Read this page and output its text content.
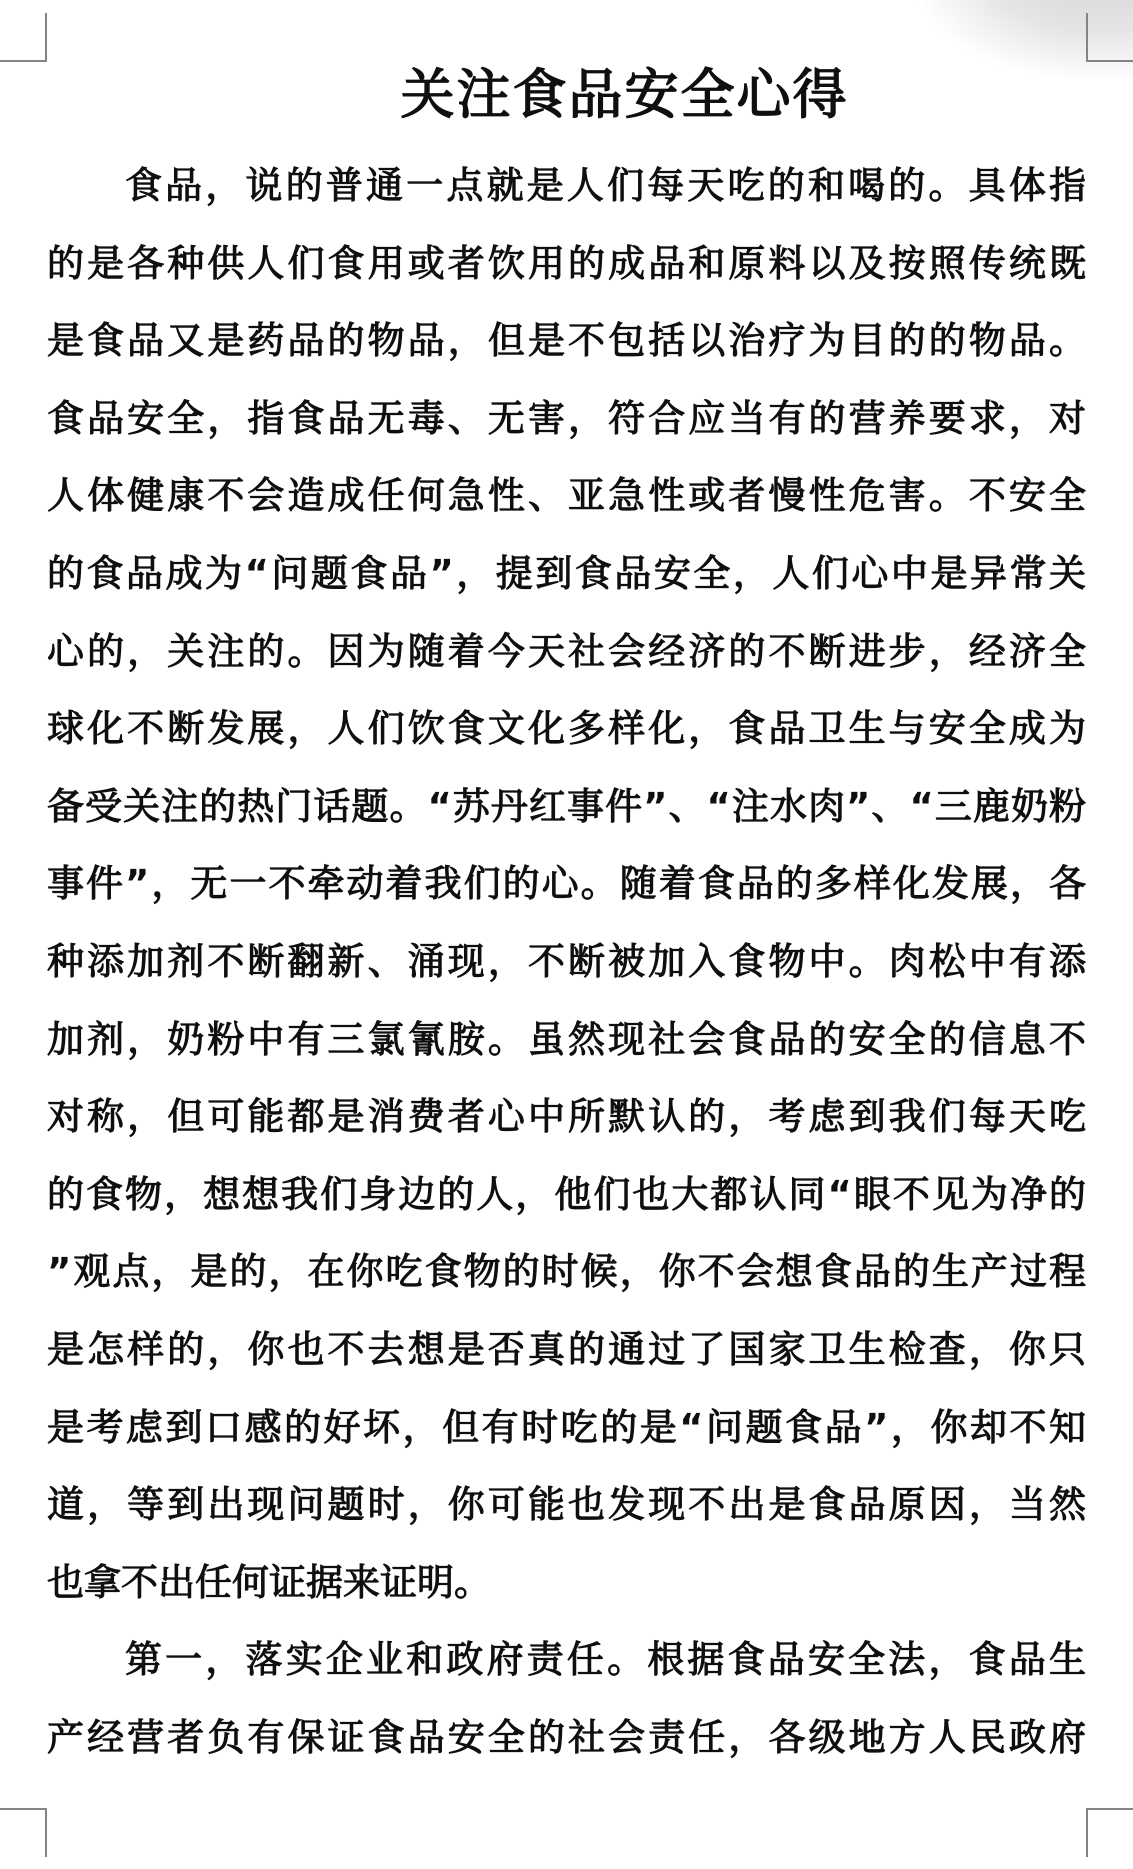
关注食品安全心得
食品，说的普通一点就是人们每天吃的和喝的。具体指
的是各种供人们食用或者饮用的成品和原料以及按照传统既
是食品又是药品的物品，但是不包括以治疗为目的的物品。
食品安全，指食品无毒、无害，符合应当有的营养要求，对
人体健康不会造成任何急性、亚急性或者慢性危害。不安全
的食品成为“问题食品”，提到食品安全，人们心中是异常关
心的，关注的。因为随着今天社会经济的不断进步，经济全
球化不断发展，人们饮食文化多样化，食品卫生与安全成为
备受关注的热门话题。“苏丹红事件”、“注水肉”、“三鹿奶粉
事件”，无一不牵动着我们的心。随着食品的多样化发展，各
种添加剂不断翻新、涌现，不断被加入食物中。肉松中有添
加剂，奶粉中有三氯氰胺。虽然现社会食品的安全的信息不
对称，但可能都是消费者心中所默认的，考虑到我们每天吃
的食物，想想我们身边的人，他们也大都认同“眼不见为净的
”观点，是的，在你吃食物的时候，你不会想食品的生产过程
是怎样的，你也不去想是否真的通过了国家卫生检查，你只
是考虑到口感的好坏，但有时吃的是“问题食品”，你却不知
道，等到出现问题时，你可能也发现不出是食品原因，当然
也拿不出任何证据来证明。
第一，落实企业和政府责任。根据食品安全法，食品生
产经营者负有保证食品安全的社会责任，各级地方人民政府
